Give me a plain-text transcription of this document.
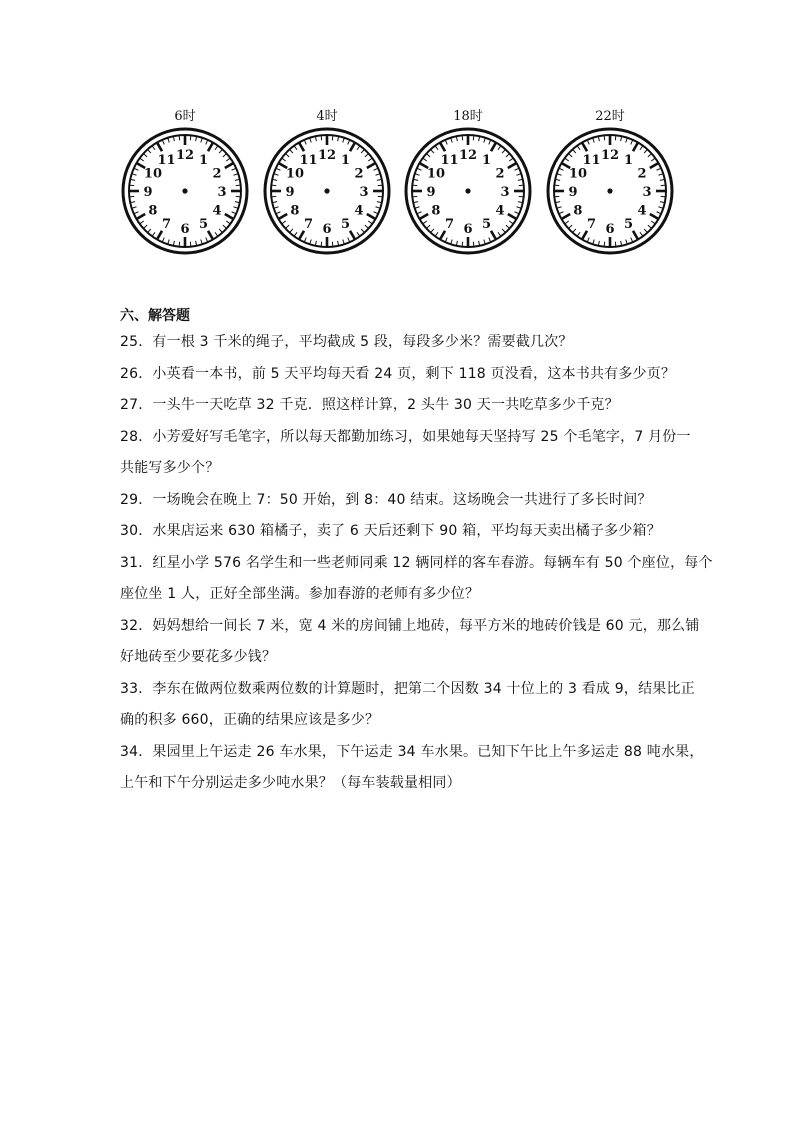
6时
12 1
2
3
4
5
6
7
8
9
10
11
4时
12 1
2
3
4
5
6
7
8
9
10
11
18时
12 1
2
3
4
5
6
7
8
9
10
11
22时
12 1
2
3
4
5
6
7
8
9
10
11
六、解答题
25．有一根 3 千米的绳子，平均截成 5 段，每段多少米？需要截几次？
26．小英看一本书，前 5 天平均每天看 24 页，剩下 118 页没看，这本书共有多少页？
27．一头牛一天吃草 32 千克．照这样计算，2 头牛 30 天一共吃草多少千克？
28．小芳爱好写毛笔字，所以每天都勤加练习，如果她每天坚持写 25 个毛笔字，7 月份一
共能写多少个？
29．一场晚会在晚上 7：50 开始，到 8：40 结束。这场晚会一共进行了多长时间？
30．水果店运来 630 箱橘子，卖了 6 天后还剩下 90 箱，平均每天卖出橘子多少箱？
31．红星小学 576 名学生和一些老师同乘 12 辆同样的客车春游。每辆车有 50 个座位，每个
座位坐 1 人，正好全部坐满。参加春游的老师有多少位？
32．妈妈想给一间长 7 米，宽 4 米的房间铺上地砖，每平方米的地砖价钱是 60 元，那么铺
好地砖至少要花多少钱？
33．李东在做两位数乘两位数的计算题时，把第二个因数 34 十位上的 3 看成 9，结果比正
确的积多 660，正确的结果应该是多少？
34．果园里上午运走 26 车水果，下午运走 34 车水果。已知下午比上午多运走 88 吨水果，
上午和下午分别运走多少吨水果？（每车装载量相同）
